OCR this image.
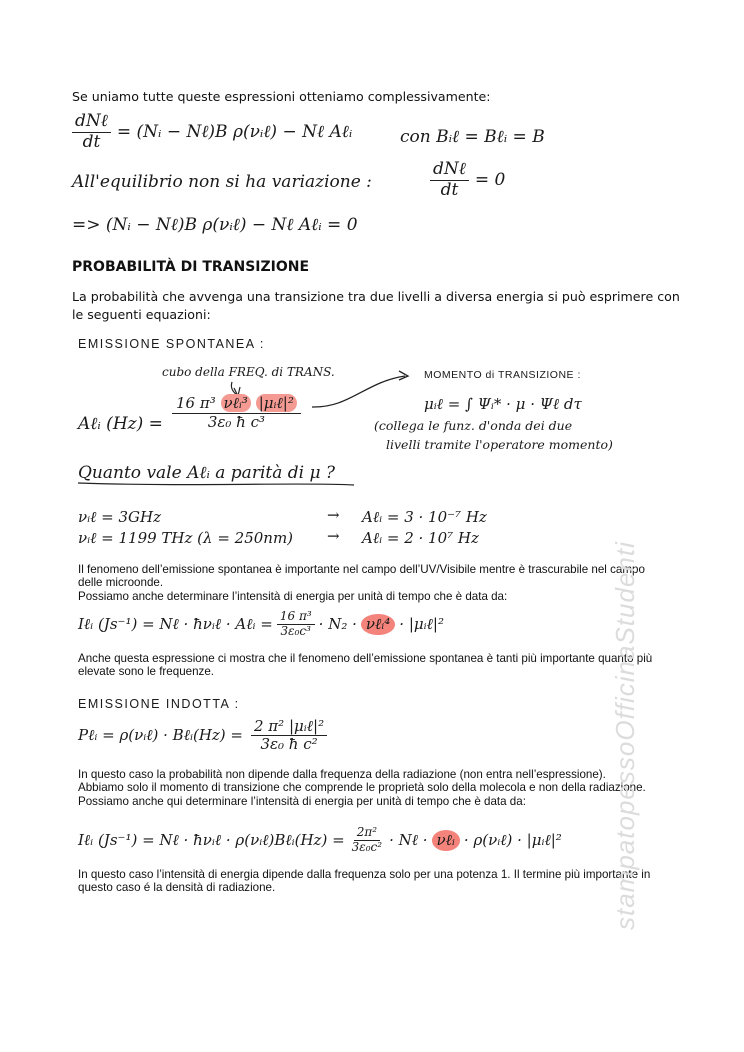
Se uniamo tutte queste espressioni otteniamo complessivamente:
$\frac{\text{dNℓ}}{dt}$ = (Nᵢ − Nℓ)B ρ(νᵢℓ) − Nℓ Aℓᵢ	con Bᵢℓ = Bℓᵢ = B
All'equilibrio non si ha variazione :	$\frac{\text{dNℓ}}{dt} = 0$
=> (Nᵢ − Nℓ)B ρ(νᵢℓ) − Nℓ Aℓᵢ = 0
PROBABILITÀ DI TRANSIZIONE
La probabilità che avvenga una transizione tra due livelli a diversa energia si può esprimere con le seguenti equazioni:
EMISSIONE SPONTANEA :
cubo della FREQ. di TRANS.	MOMENTO di TRANSIZIONE :
Aℓᵢ $(Hz) = \frac{\text{16 π³ νℓᵢ³ |μᵢℓ|²}}{\text{3ε₀ ħ c³}}$	μᵢℓ = ∫ Ψᵢ* · μ · Ψℓ dτ
(collega le funz. d'onda dei due
livelli tramite l'operatore momento)
Quanto vale Aℓᵢ a parità di μ ?
νᵢℓ = 3GHz	→ Aℓᵢ = 3 · 10⁻⁷ Hz
νᵢℓ = 1199 THz (λ = 250nm) → Aℓᵢ = 2 · 10⁷ Hz
Il fenomeno dell’emissione spontanea è importante nel campo dell’UV/Visibile mentre è trascurabile nel campo delle microonde.
Possiamo anche determinare l’intensità di energia per unità di tempo che è data da:
Iℓᵢ (Js⁻¹) = Nℓ · ħνᵢℓ · Aℓᵢ = $\frac{\text{16 π³}}{\text{3ε₀c³}} \cdot N_2$ · νℓᵢ⁴ · |μᵢℓ|²
Anche questa espressione ci mostra che il fenomeno dell’emissione spontanea è tanti più importante quanto più elevate sono le frequenze.
EMISSIONE INDOTTA :
Pℓᵢ = ρ(νᵢℓ) · Bℓᵢ(Hz) = $\frac{\text{2 π² |μᵢℓ|²}}{\text{3ε₀ ħ c²}}$
In questo caso la probabilità non dipende dalla frequenza della radiazione (non entra nell’espressione).
Abbiamo solo il momento di transizione che comprende le proprietà solo della molecola e non della radiazione.
Possiamo anche qui determinare l’intensità di energia per unità di tempo che è data da:
Iℓᵢ (Js⁻¹) = Nℓ · ħνᵢℓ · ρ(νᵢℓ)Bℓᵢ(Hz) = $\frac{\text{2π²}}{\text{3ε₀c²}}$ · Nℓ · νℓᵢ · ρ(νᵢℓ) · |μᵢℓ|²
In questo caso l’intensità di energia dipende dalla frequenza solo per una potenza 1. Il termine più importante in questo caso é la densità di radiazione.	stampatopessoOfficinaStudenti
